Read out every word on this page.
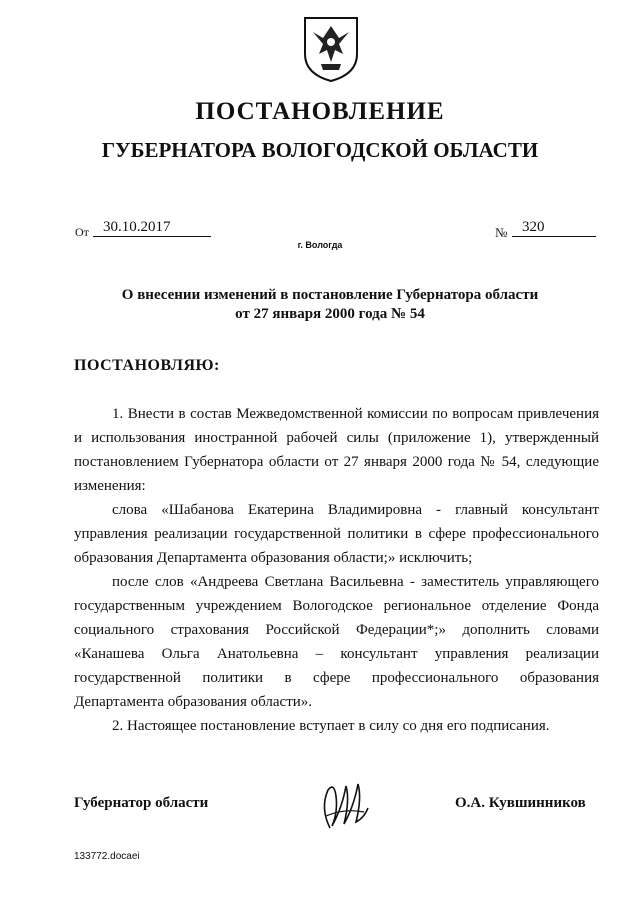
ПОСТАНОВЛЕНИЕ
ГУБЕРНАТОРА ВОЛОГОДСКОЙ ОБЛАСТИ
От 30.10.2017	№ 320
г. Вологда
О внесении изменений в постановление Губернатора области
от 27 января 2000 года № 54
ПОСТАНОВЛЯЮ:

1. Внести в состав Межведомственной комиссии по вопросам привлечения и использования иностранной рабочей силы (приложение 1), утвержденный постановлением Губернатора области от 27 января 2000 года № 54, следующие изменения:

слова «Шабанова Екатерина Владимировна - главный консультант управления реализации государственной политики в сфере профессионального образования Департамента образования области;» исключить;

после слов «Андреева Светлана Васильевна - заместитель управляющего государственным учреждением Вологодское региональное отделение Фонда социального страхования Российской Федерации*;» дополнить словами «Канашева Ольга Анатольевна – консультант управления реализации государственной политики в сфере профессионального образования Департамента образования области».

2. Настоящее постановление вступает в силу со дня его подписания.

Губернатор области	О.А. Кувшинников
133772.docaei
